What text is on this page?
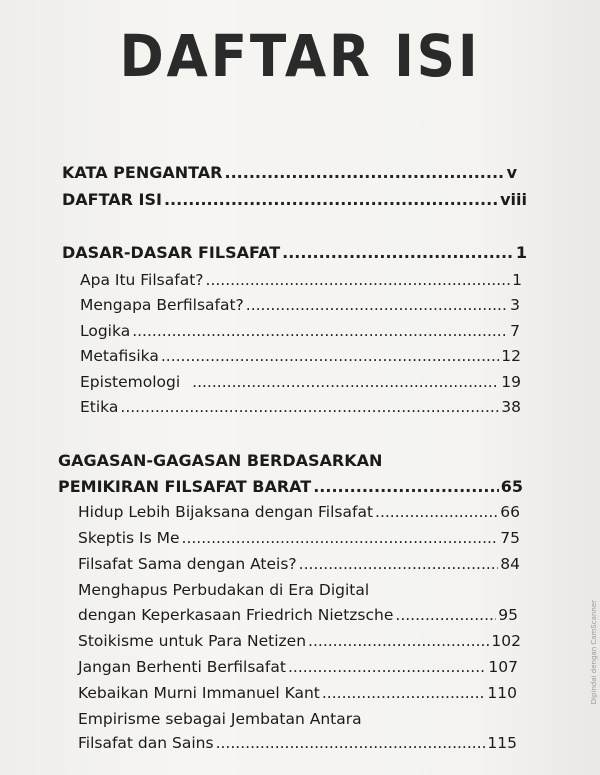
DAFTAR ISI
KATA PENGANTAR .....	v
DAFTAR ISI .....	viii
DASAR-DASAR FILSAFAT .....	1
Apa Itu Filsafat? .....	1
Mengapa Berfilsafat? .....	3
Logika .....	7
Metafisika .....	12
Epistemologi .....	19
Etika .....	38
GAGASAN-GAGASAN BERDASARKAN
PEMIKIRAN FILSAFAT BARAT .....	65
Hidup Lebih Bijaksana dengan Filsafat .....	66
Skeptis Is Me .....	75
Filsafat Sama dengan Ateis? .....	84
Menghapus Perbudakan di Era Digital
dengan Keperkasaan Friedrich Nietzsche .....	95
Stoikisme untuk Para Netizen .....	102
Jangan Berhenti Berfilsafat .....	107
Kebaikan Murni Immanuel Kant .....	110
Empirisme sebagai Jembatan Antara
Filsafat dan Sains .....	115
Dipindai dengan CamScanner
